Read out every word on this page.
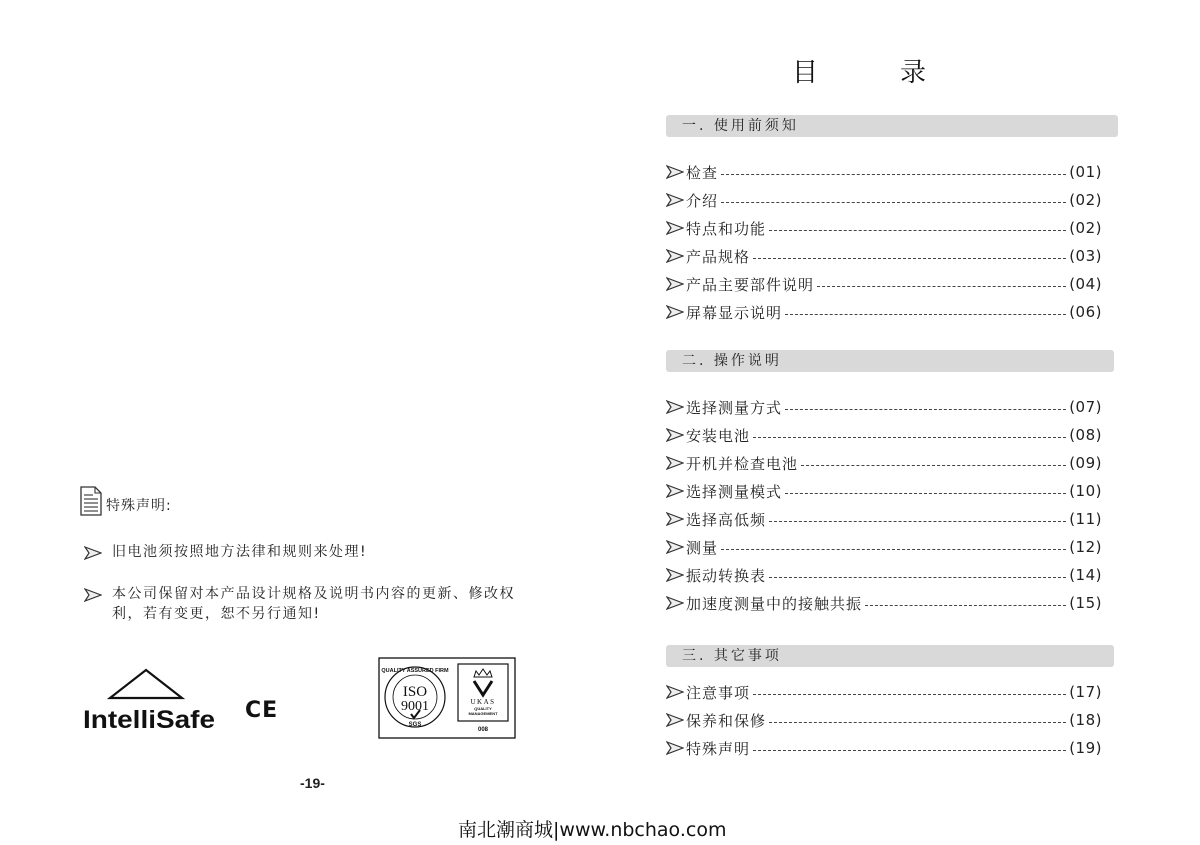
目	录
一. 使用前须知
检查	(01)
介绍	(02)
特点和功能	(02)
产品规格	(03)
产品主要部件说明	(04)
屏幕显示说明	(06)
二. 操作说明
选择测量方式	(07)
安装电池	(08)
开机并检查电池	(09)
选择测量模式	(10)
选择高低频	(11)
测量	(12)
振动转换表	(14)
加速度测量中的接触共振	(15)
三. 其它事项
注意事项	(17)
保养和保修	(18)
特殊声明	(19)
特殊声明:
旧电池须按照地方法律和规则来处理!
本公司保留对本产品设计规格及说明书内容的更新、修改权利，若有变更，恕不另行通知!
IntelliSafe CE
QUALITY ASSURED FIRM
ISO
9001
SGS
UKAS
QUALITY
MANAGEMENT
008
-19-
南北潮商城|www.nbchao.com
